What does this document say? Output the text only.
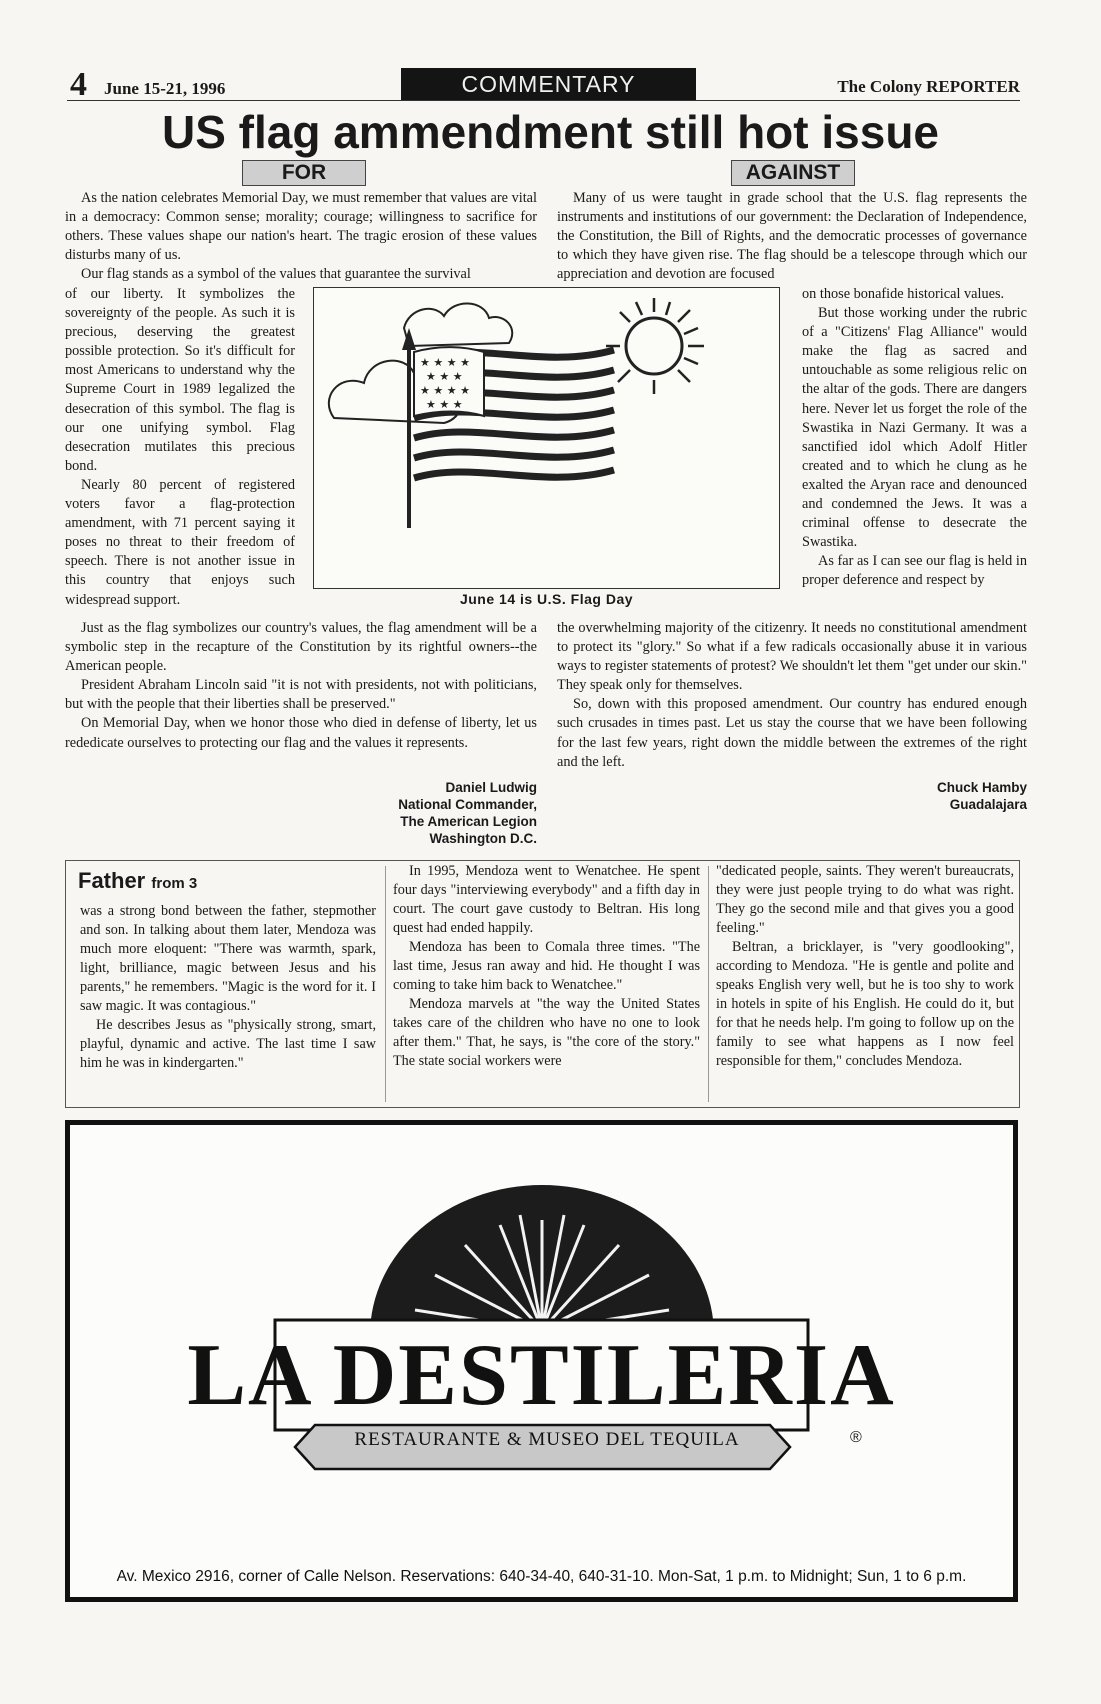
4 June 15-21, 1996	COMMENTARY	The Colony REPORTER
US flag ammendment still hot issue
FOR	AGAINST

As the nation celebrates Memorial Day, we must remember that values are vital in a democracy: Common sense; morality; courage; willingness to sacrifice for others. These values shape our nation's heart. The tragic erosion of these values disturbs many of us.

Our flag stands as a symbol of the values that guarantee the survival

of our liberty. It symbolizes the sovereignty of the people. As such it is precious, deserving the greatest possible protection. So it's difficult for most Americans to understand why the Supreme Court in 1989 legalized the desecration of this symbol. The flag is our one unifying symbol. Flag desecration mutilates this precious bond.

Nearly 80 percent of registered voters favor a flag-protection amendment, with 71 percent saying it poses no threat to their freedom of speech. There is not another issue in this country that enjoys such widespread support.

Just as the flag symbolizes our country's values, the flag amendment will be a symbolic step in the recapture of the Constitution by its rightful owners--the American people.

President Abraham Lincoln said "it is not with presidents, not with politicians, but with the people that their liberties shall be preserved."

On Memorial Day, when we honor those who died in defense of liberty, let us rededicate ourselves to protecting our flag and the values it represents.

Many of us were taught in grade school that the U.S. flag represents the instruments and institutions of our government: the Declaration of Independence, the Constitution, the Bill of Rights, and the democratic processes of governance to which they have given rise. The flag should be a telescope through which our appreciation and devotion are focused

on those bonafide historical values.

But those working under the rubric of a "Citizens' Flag Alliance" would make the flag as sacred and untouchable as some religious relic on the altar of the gods. There are dangers here. Never let us forget the role of the Swastika in Nazi Germany. It was a sanctified idol which Adolf Hitler created and to which he clung as he exalted the Aryan race and denounced and condemned the Jews. It was a criminal offense to desecrate the Swastika.

As far as I can see our flag is held in proper deference and respect by

the overwhelming majority of the citizenry. It needs no constitutional amendment to protect its "glory." So what if a few radicals occasionally abuse it in various ways to register statements of protest? We shouldn't let them "get under our skin." They speak only for themselves.

So, down with this proposed amendment. Our country has endured enough such crusades in times past. Let us stay the course that we have been following for the last few years, right down the middle between the extremes of the right and the left.

★ ★ ★ ★
★ ★ ★
★ ★ ★ ★
★ ★ ★
June 14 is U.S. Flag Day
Daniel Ludwig
National Commander,
The American Legion
Washington D.C.
Chuck Hamby
Guadalajara
Father from 3

was a strong bond between the father, stepmother and son. In talking about them later, Mendoza was much more eloquent: "There was warmth, spark, light, brilliance, magic between Jesus and his parents," he remembers. "Magic is the word for it. I saw magic. It was contagious."

He describes Jesus as "physically strong, smart, playful, dynamic and active. The last time I saw him he was in kindergarten."

In 1995, Mendoza went to Wenatchee. He spent four days "interviewing everybody" and a fifth day in court. The court gave custody to Beltran. His long quest had ended happily.

Mendoza has been to Comala three times. "The last time, Jesus ran away and hid. He thought I was coming to take him back to Wenatchee."

Mendoza marvels at "the way the United States takes care of the children who have no one to look after them." That, he says, is "the core of the story." The state social workers were

"dedicated people, saints. They weren't bureaucrats, they were just people trying to do what was right. They go the second mile and that gives you a good feeling."

Beltran, a bricklayer, is "very goodlooking", according to Mendoza. "He is gentle and polite and speaks English very well, but he is too shy to work in hotels in spite of his English. He could do it, but for that he needs help. I'm going to follow up on the family to see what happens as I now feel responsible for them," concludes Mendoza.

LA DESTILERIA
RESTAURANTE & MUSEO DEL TEQUILA	®
Av. Mexico 2916, corner of Calle Nelson. Reservations: 640-34-40, 640-31-10. Mon-Sat, 1 p.m. to Midnight; Sun, 1 to 6 p.m.
